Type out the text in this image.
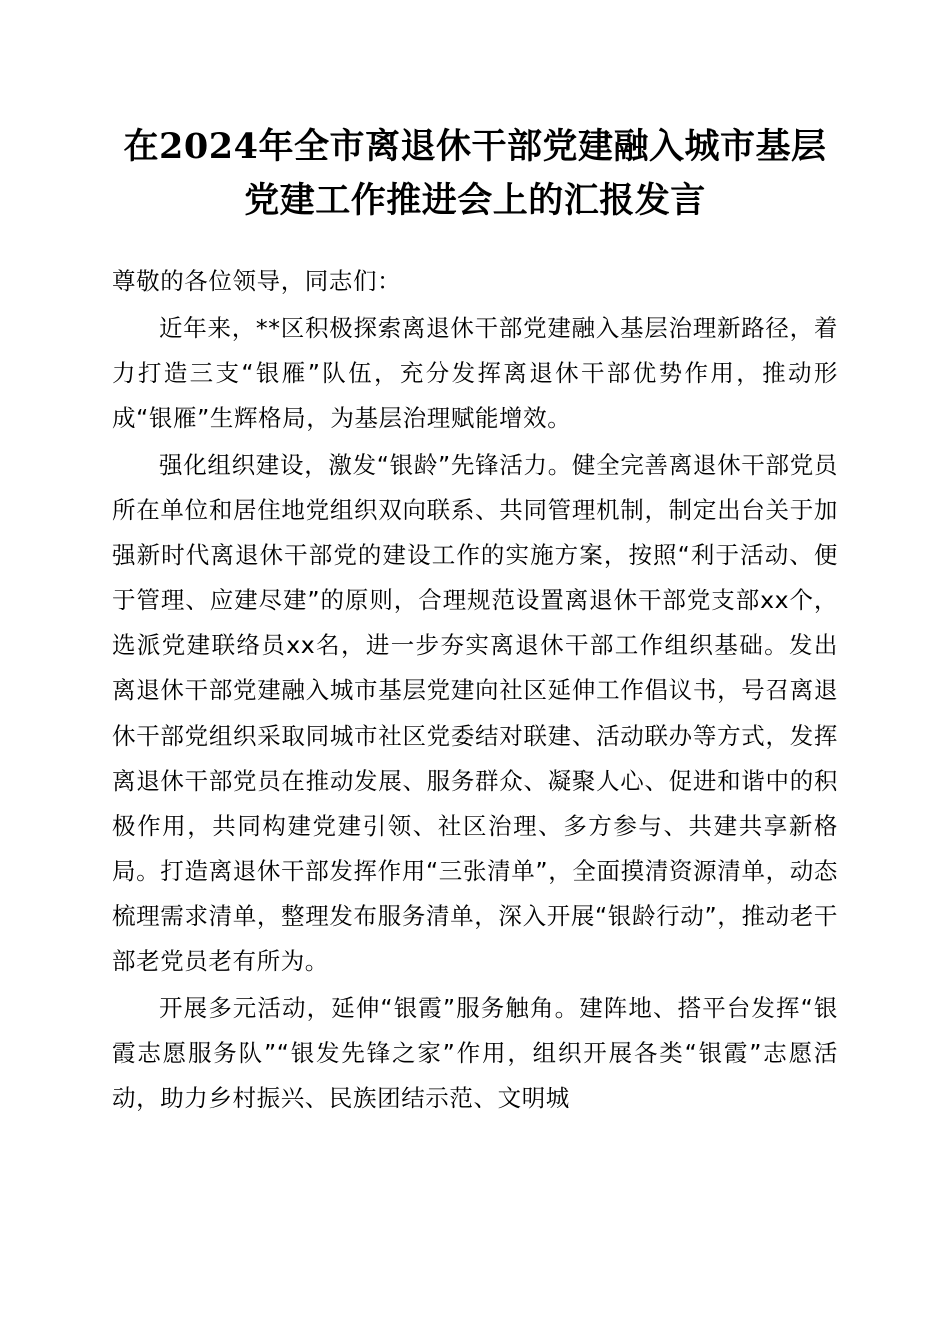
在2024年全市离退休干部党建融入城市基层党建工作推进会上的汇报发言

尊敬的各位领导，同志们：

近年来，**区积极探索离退休干部党建融入基层治理新路径，着力打造三支“银雁”队伍，充分发挥离退休干部优势作用，推动形成“银雁”生辉格局，为基层治理赋能增效。

强化组织建设，激发“银龄”先锋活力。健全完善离退休干部党员所在单位和居住地党组织双向联系、共同管理机制，制定出台关于加强新时代离退休干部党的建设工作的实施方案，按照“利于活动、便于管理、应建尽建”的原则，合理规范设置离退休干部党支部xx个，选派党建联络员xx名，进一步夯实离退休干部工作组织基础。发出离退休干部党建融入城市基层党建向社区延伸工作倡议书，号召离退休干部党组织采取同城市社区党委结对联建、活动联办等方式，发挥离退休干部党员在推动发展、服务群众、凝聚人心、促进和谐中的积极作用，共同构建党建引领、社区治理、多方参与、共建共享新格局。打造离退休干部发挥作用“三张清单”，全面摸清资源清单，动态梳理需求清单，整理发布服务清单，深入开展“银龄行动”，推动老干部老党员老有所为。

开展多元活动，延伸“银霞”服务触角。建阵地、搭平台发挥“银霞志愿服务队”“银发先锋之家”作用，组织开展各类“银霞”志愿活动，助力乡村振兴、民族团结示范、文明城
